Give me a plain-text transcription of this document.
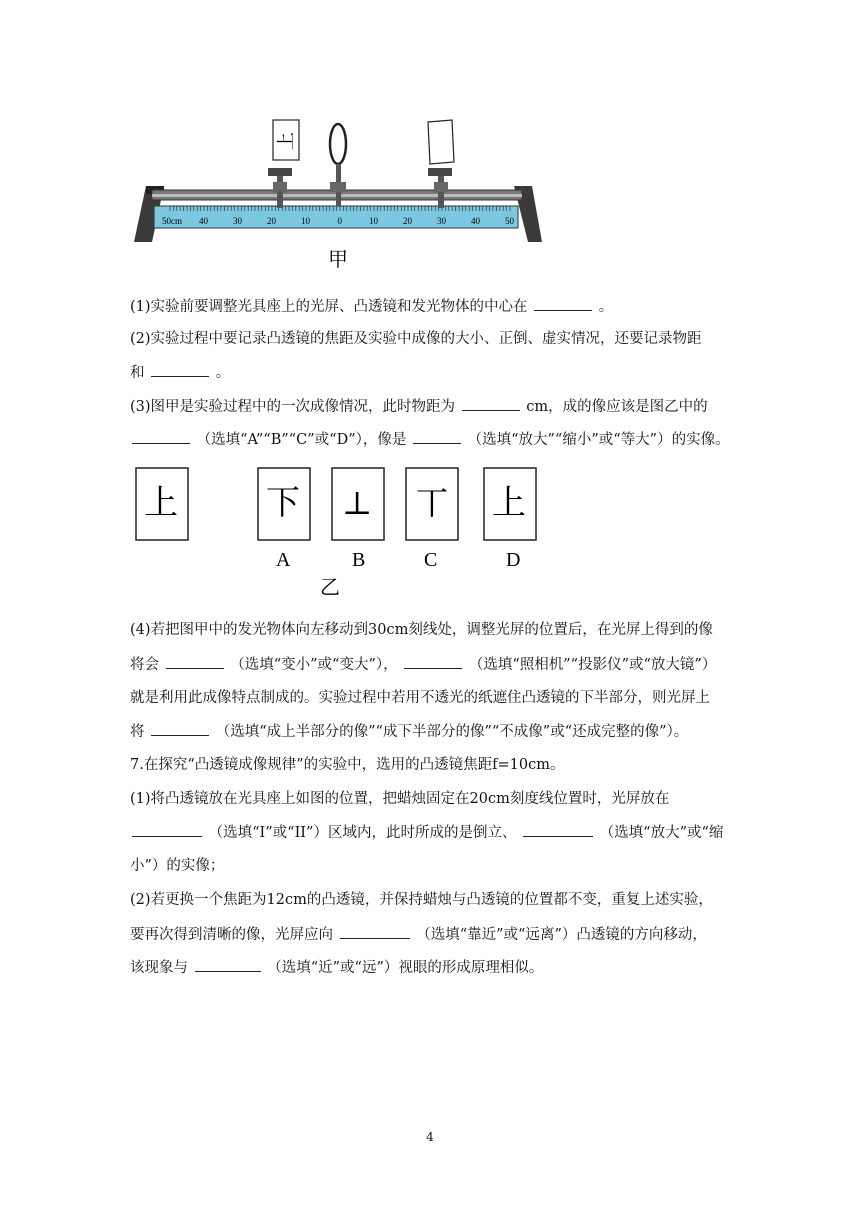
50cm 40	30	20	10	0	10	20	30	40	50
上
甲
(1)实验前要调整光具座上的光屏、凸透镜和发光物体的中心在	。
(2)实验过程中要记录凸透镜的焦距及实验中成像的大小、正倒、虚实情况，还要记录物距
和	。
(3)图甲是实验过程中的一次成像情况，此时物距为	cm，成的像应该是图乙中的
（选填“A”“B”“C”或“D”），像是	（选填“放大”“缩小”或“等大”）的实像。
上	下
A
⊥
B
丅
C
上
D
乙
(4)若把图甲中的发光物体向左移动到30cm刻线处，调整光屏的位置后，在光屏上得到的像
将会	（选填“变小”或“变大”），	（选填“照相机”“投影仪”或“放大镜”）
就是利用此成像特点制成的。实验过程中若用不透光的纸遮住凸透镜的下半部分，则光屏上
将	（选填“成上半部分的像”“成下半部分的像”“不成像”或“还成完整的像”）。
7.在探究“凸透镜成像规律”的实验中，选用的凸透镜焦距f=10cm。
(1)将凸透镜放在光具座上如图的位置，把蜡烛固定在20cm刻度线位置时，光屏放在
（选填“I”或“II”）区域内，此时所成的是倒立、	（选填“放大”或“缩
小”）的实像；
(2)若更换一个焦距为12cm的凸透镜，并保持蜡烛与凸透镜的位置都不变，重复上述实验，
要再次得到清晰的像，光屏应向	（选填“靠近”或“远离”）凸透镜的方向移动，
该现象与	（选填“近”或“远”）视眼的形成原理相似。
4
